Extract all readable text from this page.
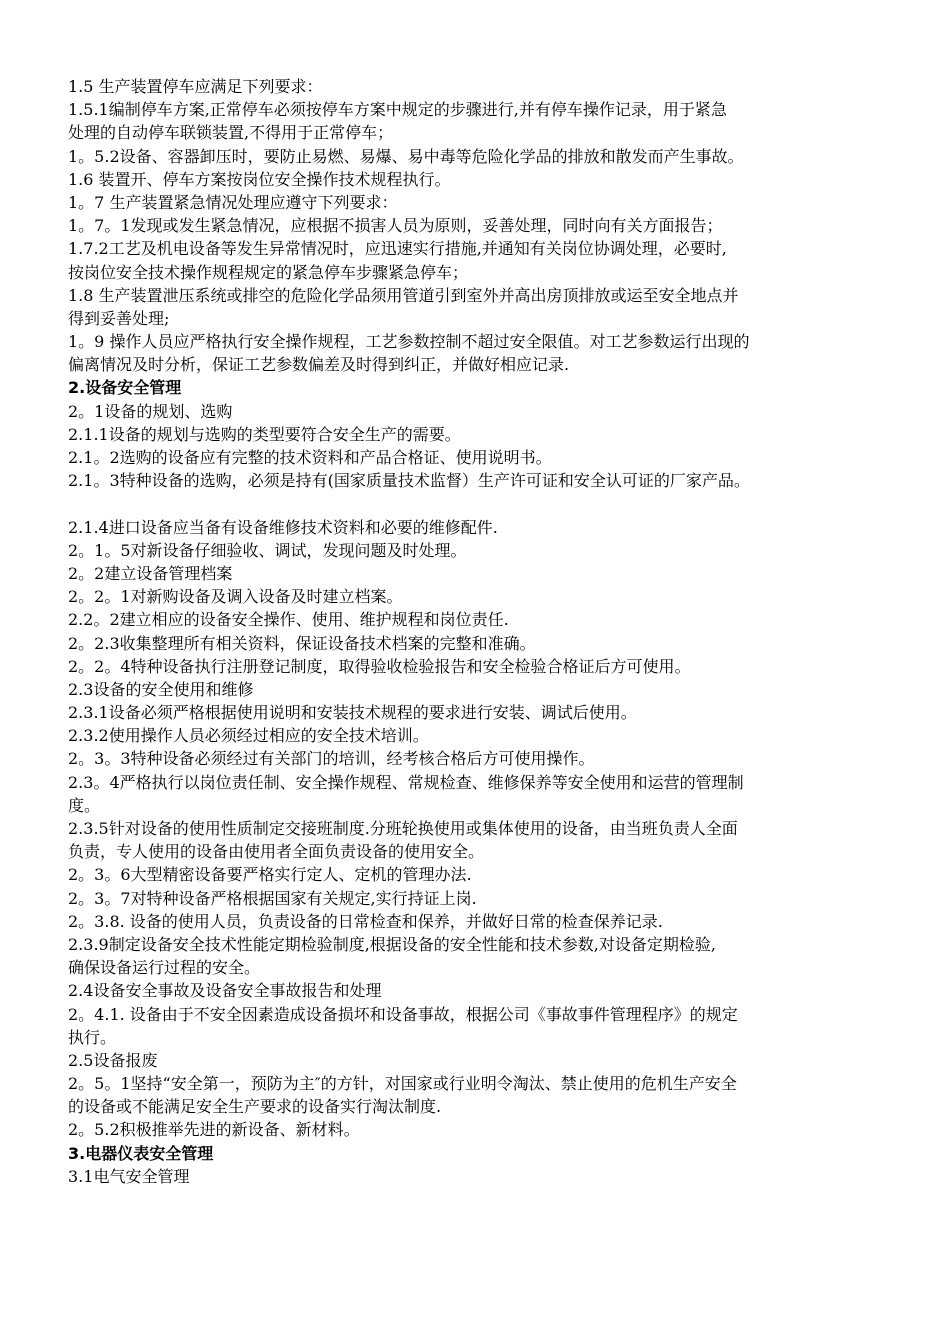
1.5 生产装置停车应满足下列要求：
1.5.1编制停车方案,正常停车必须按停车方案中规定的步骤进行,并有停车操作记录，用于紧急
处理的自动停车联锁装置,不得用于正常停车；
1。5.2设备、容器卸压时，要防止易燃、易爆、易中毒等危险化学品的排放和散发而产生事故。
1.6 装置开、停车方案按岗位安全操作技术规程执行。
1。7 生产装置紧急情况处理应遵守下列要求：
1。7。1发现或发生紧急情况，应根据不损害人员为原则，妥善处理，同时向有关方面报告；
1.7.2工艺及机电设备等发生异常情况时，应迅速实行措施,并通知有关岗位协调处理，必要时,
按岗位安全技术操作规程规定的紧急停车步骤紧急停车；
1.8 生产装置泄压系统或排空的危险化学品须用管道引到室外并高出房顶排放或运至安全地点并
得到妥善处理;
1。9 操作人员应严格执行安全操作规程，工艺参数控制不超过安全限值。对工艺参数运行出现的
偏离情况及时分析，保证工艺参数偏差及时得到纠正，并做好相应记录.
2.设备安全管理
2。1设备的规划、选购
2.1.1设备的规划与选购的类型要符合安全生产的需要。
2.1。2选购的设备应有完整的技术资料和产品合格证、使用说明书。
2.1。3特种设备的选购，必须是持有(国家质量技术监督）生产许可证和安全认可证的厂家产品。
2.1.4进口设备应当备有设备维修技术资料和必要的维修配件.
2。1。5对新设备仔细验收、调试，发现问题及时处理。
2。2建立设备管理档案
2。2。1对新购设备及调入设备及时建立档案。
2.2。2建立相应的设备安全操作、使用、维护规程和岗位责任.
2。2.3收集整理所有相关资料，保证设备技术档案的完整和准确。
2。2。4特种设备执行注册登记制度，取得验收检验报告和安全检验合格证后方可使用。
2.3设备的安全使用和维修
2.3.1设备必须严格根据使用说明和安装技术规程的要求进行安装、调试后使用。
2.3.2使用操作人员必须经过相应的安全技术培训。
2。3。3特种设备必须经过有关部门的培训，经考核合格后方可使用操作。
2.3。4严格执行以岗位责任制、安全操作规程、常规检查、维修保养等安全使用和运营的管理制
度。
2.3.5针对设备的使用性质制定交接班制度.分班轮换使用或集体使用的设备，由当班负责人全面
负责，专人使用的设备由使用者全面负责设备的使用安全。
2。3。6大型精密设备要严格实行定人、定机的管理办法.
2。3。7对特种设备严格根据国家有关规定,实行持证上岗.
2。3.8. 设备的使用人员，负责设备的日常检查和保养，并做好日常的检查保养记录.
2.3.9制定设备安全技术性能定期检验制度,根据设备的安全性能和技术参数,对设备定期检验,
确保设备运行过程的安全。
2.4设备安全事故及设备安全事故报告和处理
2。4.1. 设备由于不安全因素造成设备损坏和设备事故，根据公司《事故事件管理程序》的规定
执行。
2.5设备报废
2。5。1坚持“安全第一，预防为主″的方针，对国家或行业明令淘汰、禁止使用的危机生产安全
的设备或不能满足安全生产要求的设备实行淘汰制度.
2。5.2积极推举先进的新设备、新材料。
3.电器仪表安全管理
3.1电气安全管理
